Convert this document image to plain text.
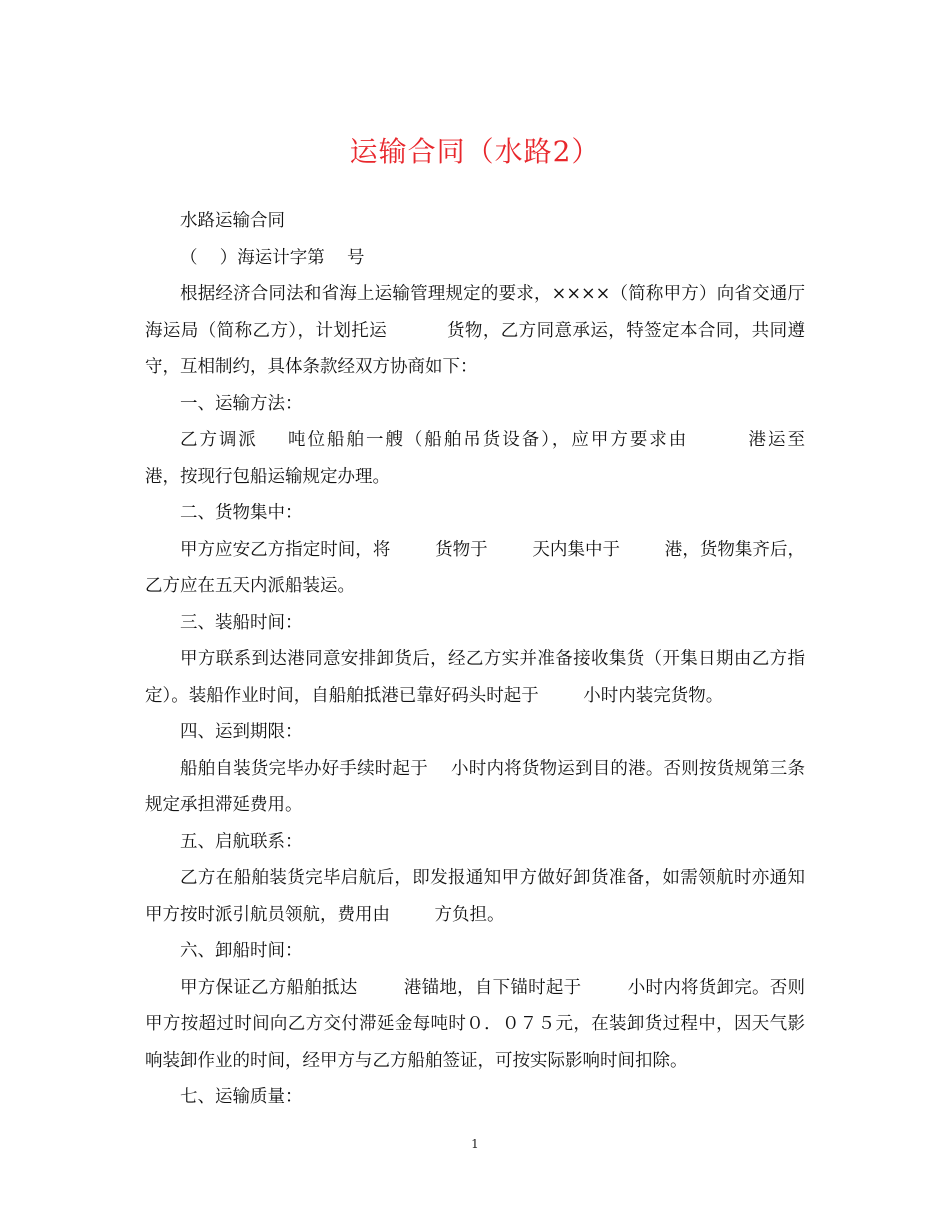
运输合同（水路2）

水路运输合同

（    ）海运计字第    号

根据经济合同法和省海上运输管理规定的要求，××××（简称甲方）向省交通厅海运局（简称乙方），计划托运          货物，乙方同意承运，特签定本合同，共同遵守，互相制约，具体条款经双方协商如下：

一、运输方法：

乙方调派    吨位船舶一艘（船舶吊货设备），应甲方要求由        港运至        港，按现行包船运输规定办理。

二、货物集中：

甲方应安乙方指定时间，将        货物于        天内集中于        港，货物集齐后，乙方应在五天内派船装运。

三、装船时间：

甲方联系到达港同意安排卸货后，经乙方实并准备接收集货（开集日期由乙方指定）。装船作业时间，自船舶抵港已靠好码头时起于        小时内装完货物。

四、运到期限：

船舶自装货完毕办好手续时起于    小时内将货物运到目的港。否则按货规第三条规定承担滞延费用。

五、启航联系：

乙方在船舶装货完毕启航后，即发报通知甲方做好卸货准备，如需领航时亦通知甲方按时派引航员领航，费用由        方负担。

六、卸船时间：

甲方保证乙方船舶抵达        港锚地，自下锚时起于        小时内将货卸完。否则甲方按超过时间向乙方交付滞延金每吨时０．０７５元，在装卸货过程中，因天气影响装卸作业的时间，经甲方与乙方船舶签证，可按实际影响时间扣除。

七、运输质量：

1
